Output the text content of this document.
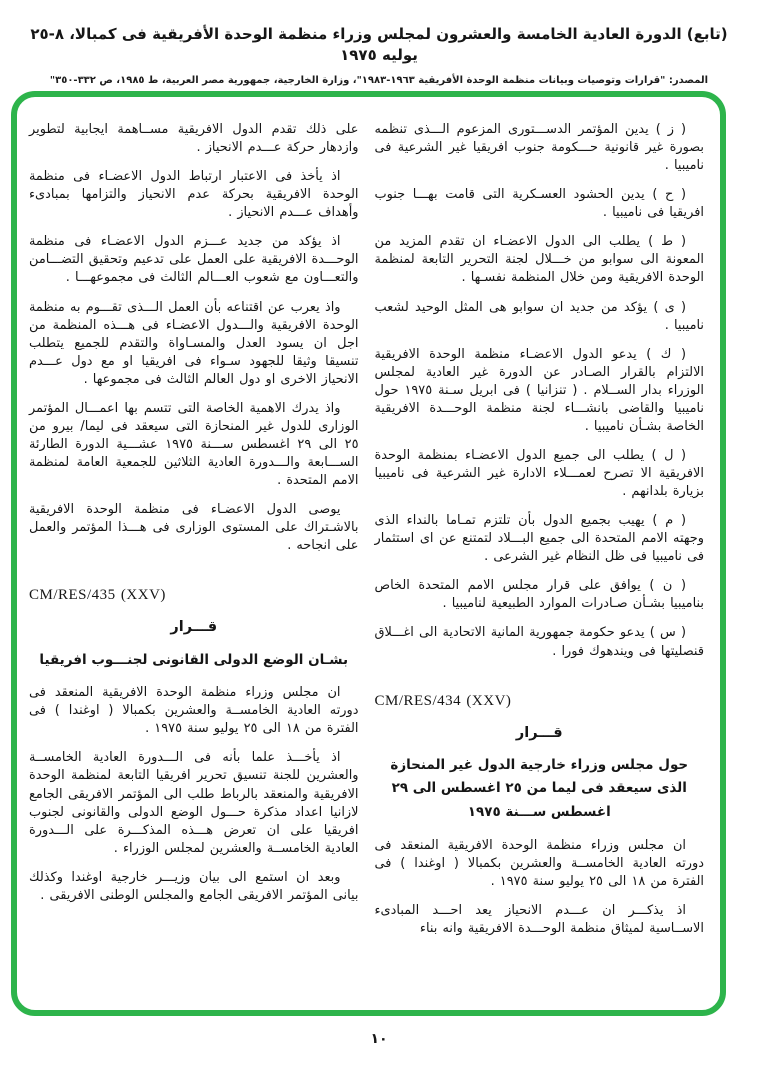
(تابع) الدورة العادية الخامسة والعشرون لمجلس وزراء منظمة الوحدة الأفريقية فى كمبالا، ٨-٢٥ يوليه ١٩٧٥
المصدر: "قرارات وتوصيات وبيانات منظمة الوحدة الأفريقية ١٩٦٣-١٩٨٣"، وزارة الخارجية، جمهورية مصر العربية، ط ١٩٨٥، ص ٣٣٢-٣٥٠"

( ز ) يدين المؤتمر الدســـتورى المزعوم الـــذى تنظمه بصورة غير قانونية حـــكومة جنوب افريقيا غير الشرعية فى ناميبيا .

( ح ) يدين الحشود العسـكرية التى قامت بهـــا جنوب افريقيا فى ناميبيا .

( ط ) يطلب الى الدول الاعضـاء ان تقدم المزيد من المعونة الى سوابو من خـــلال لجنة التحرير التابعة لمنظمة الوحدة الافريقية ومن خلال المنظمة نفسـها .

( ى ) يؤكد من جديد ان سوابو هى المثل الوحيد لشعب ناميبيا .

( ك ) يدعو الدول الاعضـاء منظمة الوحدة الافريقية الالتزام بالقرار الصـادر عن الدورة غير العادية لمجلس الوزراء بدار الســلام . ( تنزانيا ) فى ابريل سـنة ١٩٧٥ حول ناميبيا والقاضى بانشـــاء لجنة منظمة الوحـــدة الافريقية الخاصة بشـأن ناميبيا .

( ل ) يطلب الى جميع الدول الاعضـاء بمنظمة الوحدة الافريقية الا تصرح لعمـــلاء الادارة غير الشرعية فى ناميبيا بزيارة بلدانهم .

( م ) يهيب بجميع الدول بأن تلتزم تمـاما بالنداء الذى وجهته الامم المتحدة الى جميع البـــلاد لتمتنع عن اى استثمار فى ناميبيا فى ظل النظام غير الشرعى .

( ن ) يوافق على قرار مجلس الامم المتحدة الخاص بناميبيا بشـأن صـادرات الموارد الطبيعية لناميبيا .

( س ) يدعو حكومة جمهورية المانية الاتحادية الى اغـــلاق قنصليتها فى ويندهوك فورا .

CM/RES/434 (XXV)

قـــرار

حول مجلس وزراء خارجية الدول غير المنحازة
الذى سيعقد فى ليما من ٢٥ اغسطس الى ٢٩
اغسطس ســـنة ١٩٧٥

ان مجلس وزراء منظمة الوحدة الافريقية المنعقد فى دورته العادية الخامســة والعشرين بكمبالا ( اوغندا ) فى الفترة من ١٨ الى ٢٥ يوليو سنة ١٩٧٥ .

اذ يذكـــر ان عـــدم الانحياز يعد احـــد المبادىء الاســاسية لميثاق منظمة الوحـــدة الافريقية وانه بناء

على ذلك تقدم الدول الافريقية مســاهمة ايجابية لتطوير وازدهار حركة عـــدم الانحياز .

اذ يأخذ فى الاعتبار ارتباط الدول الاعضـاء فى منظمة الوحدة الافريقية بحركة عدم الانحياز والتزامها بمبادىء وأهداف عـــدم الانحياز .

اذ يؤكد من جديد عـــزم الدول الاعضـاء فى منظمة الوحـــدة الافريقية على العمل على تدعيم وتحقيق التضـــامن والتعـــاون مع شعوب العـــالم الثالث فى مجموعهـــا .

واذ يعرب عن اقتناعه بأن العمل الـــذى تقـــوم به منظمة الوحدة الافريقية والـــدول الاعضـاء فى هـــذه المنظمة من اجل ان يسود العدل والمسـاواة والتقدم للجميع يتطلب تنسيقا وثيقا للجهود سـواء فى افريقيا او مع دول عـــدم الانحياز الاخرى او دول العالم الثالث فى مجموعها .

واذ يدرك الاهمية الخاصة التى تتسم بها اعمـــال المؤتمر الوزارى للدول غير المنحازة التى سيعقد فى ليما/ بيرو من ٢٥ الى ٢٩ اغسطس ســـنة ١٩٧٥ عشـــية الدورة الطارئة الســـابعة والـــدورة العادية الثلاثين للجمعية العامة لمنظمة الامم المتحدة .

يوصى الدول الاعضـاء فى منظمة الوحدة الافريقية بالاشـتراك على المستوى الوزارى فى هـــذا المؤتمر والعمل على انجاحه .

CM/RES/435 (XXV)

قـــرار

بشـان الوضع الدولى القانونى لجنـــوب افريقيا

ان مجلس وزراء منظمة الوحدة الافريقية المنعقد فى دورته العادية الخامســة والعشرين بكمبالا ( اوغندا ) فى الفترة من ١٨ الى ٢٥ يوليو سنة ١٩٧٥ .

اذ يأخـــذ علما بأنه فى الـــدورة العادية الخامســة والعشرين للجنة تنسيق تحرير افريقيا التابعة لمنظمة الوحدة الافريقية والمنعقد بالرباط طلب الى المؤتمر الافريقى الجامع لازانيا اعداد مذكرة حـــول الوضع الدولى والقانونى لجنوب افريقيا على ان تعرض هـــذه المذكـــرة على الـــدورة العادية الخامســة والعشرين لمجلس الوزراء .

وبعد ان استمع الى بيان وزيـــر خارجية اوغندا وكذلك بيانى المؤتمر الافريقى الجامع والمجلس الوطنى الافريقى .

١٠
